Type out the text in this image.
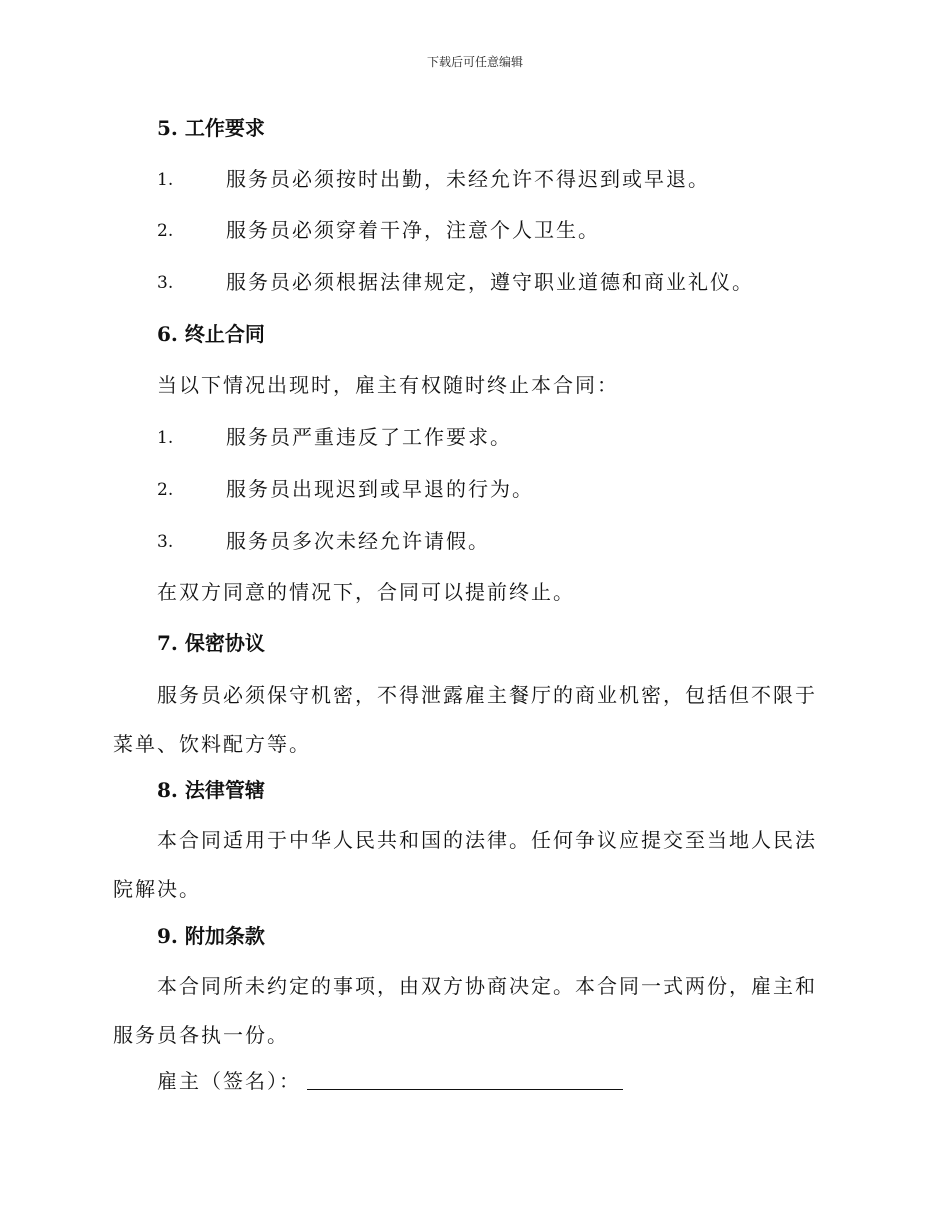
下载后可任意编辑
5. 工作要求
1.	服务员必须按时出勤，未经允许不得迟到或早退。
2.	服务员必须穿着干净，注意个人卫生。
3.	服务员必须根据法律规定，遵守职业道德和商业礼仪。
6. 终止合同
当以下情况出现时，雇主有权随时终止本合同：
1.	服务员严重违反了工作要求。
2.	服务员出现迟到或早退的行为。
3.	服务员多次未经允许请假。
在双方同意的情况下，合同可以提前终止。
7. 保密协议
服务员必须保守机密，不得泄露雇主餐厅的商业机密，包括但不限于菜单、饮料配方等。
8. 法律管辖
本合同适用于中华人民共和国的法律。任何争议应提交至当地人民法院解决。
9. 附加条款
本合同所未约定的事项，由双方协商决定。本合同一式两份，雇主和服务员各执一份。
雇主（签名）：
